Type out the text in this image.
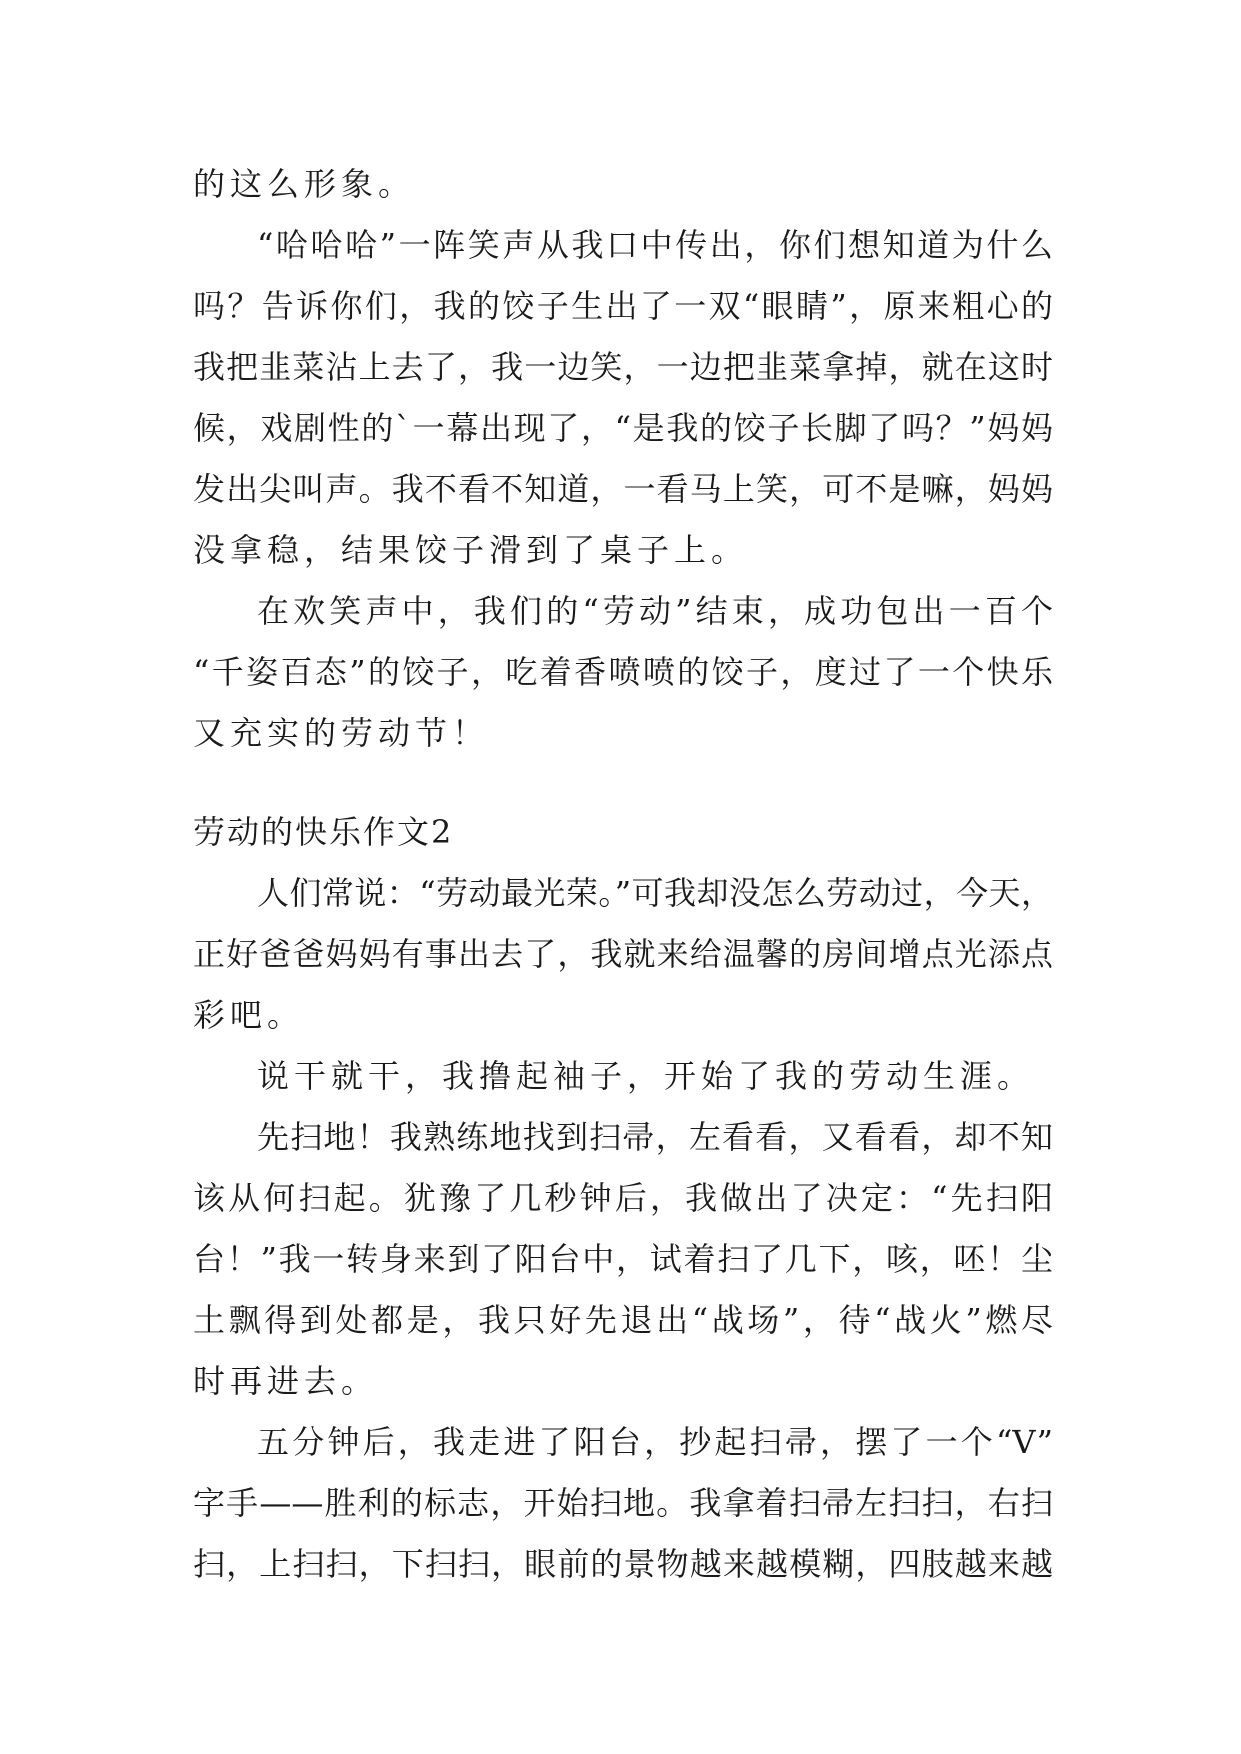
的这么形象。
“哈哈哈”一阵笑声从我口中传出，你们想知道为什么
吗？告诉你们，我的饺子生出了一双“眼睛”，原来粗心的
我把韭菜沾上去了，我一边笑，一边把韭菜拿掉，就在这时
候，戏剧性的`一幕出现了，“是我的饺子长脚了吗？”妈妈
发出尖叫声。我不看不知道，一看马上笑，可不是嘛，妈妈
没拿稳，结果饺子滑到了桌子上。
在欢笑声中，我们的“劳动”结束，成功包出一百个
“千姿百态”的饺子，吃着香喷喷的饺子，度过了一个快乐
又充实的劳动节！
劳动的快乐作文2
人们常说：“劳动最光荣。”可我却没怎么劳动过，今天，
正好爸爸妈妈有事出去了，我就来给温馨的房间增点光添点
彩吧。
说干就干，我撸起袖子，开始了我的劳动生涯。
先扫地！我熟练地找到扫帚，左看看，又看看，却不知
该从何扫起。犹豫了几秒钟后，我做出了决定：“先扫阳
台！”我一转身来到了阳台中，试着扫了几下，咳，呸！尘
土飘得到处都是，我只好先退出“战场”，待“战火”燃尽
时再进去。
五分钟后，我走进了阳台，抄起扫帚，摆了一个“V”
字手——胜利的标志，开始扫地。我拿着扫帚左扫扫，右扫
扫，上扫扫，下扫扫，眼前的景物越来越模糊，四肢越来越
